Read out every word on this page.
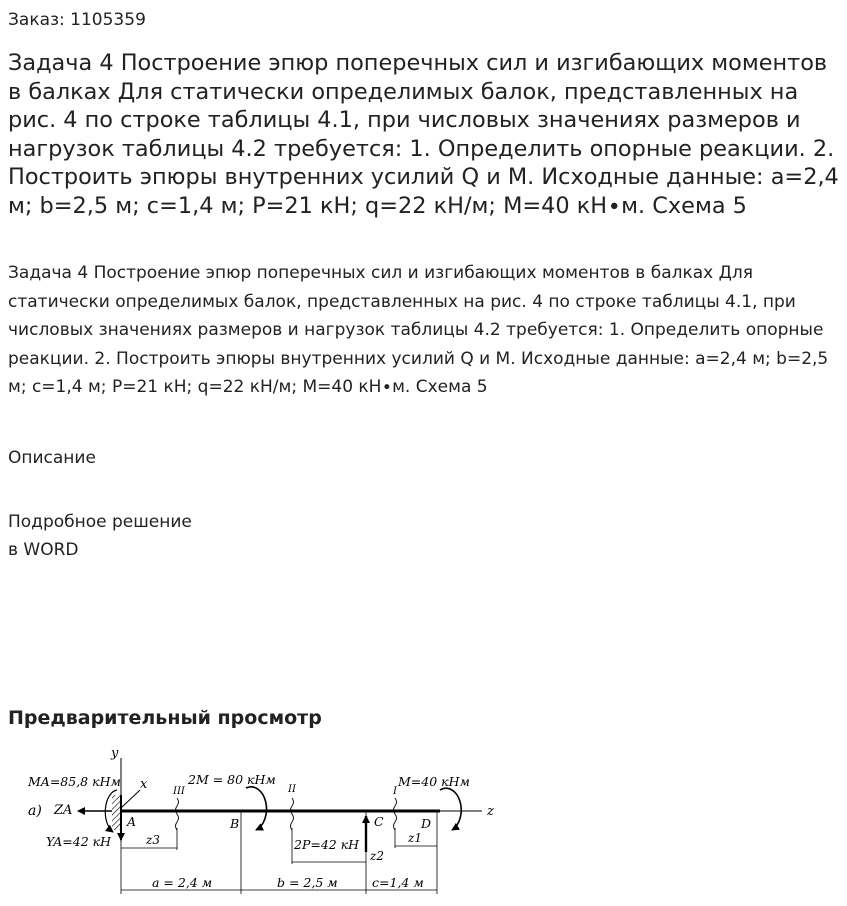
Заказ: 1105359
Задача 4 Построение эпюр поперечных сил и изгибающих моментов в балках Для статически определимых балок, представленных на рис. 4 по строке таблицы 4.1, при числовых значениях размеров и нагрузок таблицы 4.2 требуется: 1. Определить опорные реакции. 2. Построить эпюры внутренних усилий Q и М. Исходные данные: a=2,4 м; b=2,5 м; c=1,4 м; P=21 кН; q=22 кН/м; M=40 кН∙м. Схема 5

Задача 4 Построение эпюр поперечных сил и изгибающих моментов в балках Для статически определимых балок, представленных на рис. 4 по строке таблицы 4.1, при числовых значениях размеров и нагрузок таблицы 4.2 требуется: 1. Определить опорные реакции. 2. Построить эпюры внутренних усилий Q и М. Исходные данные: a=2,4 м; b=2,5 м; c=1,4 м; P=21 кН; q=22 кН/м; M=40 кН∙м. Схема 5

Описание

Подробное решение
в WORD

Предварительный просмотр
y
x
z
а)
MA=85,8 кНм
ZA
YA=42 кН
A	B	C	D
2M = 80 кНм	M=40 кНм
2P=42 кН
III
z3
II
z2
I
z1
a = 2,4 м	b = 2,5 м	c=1,4 м
